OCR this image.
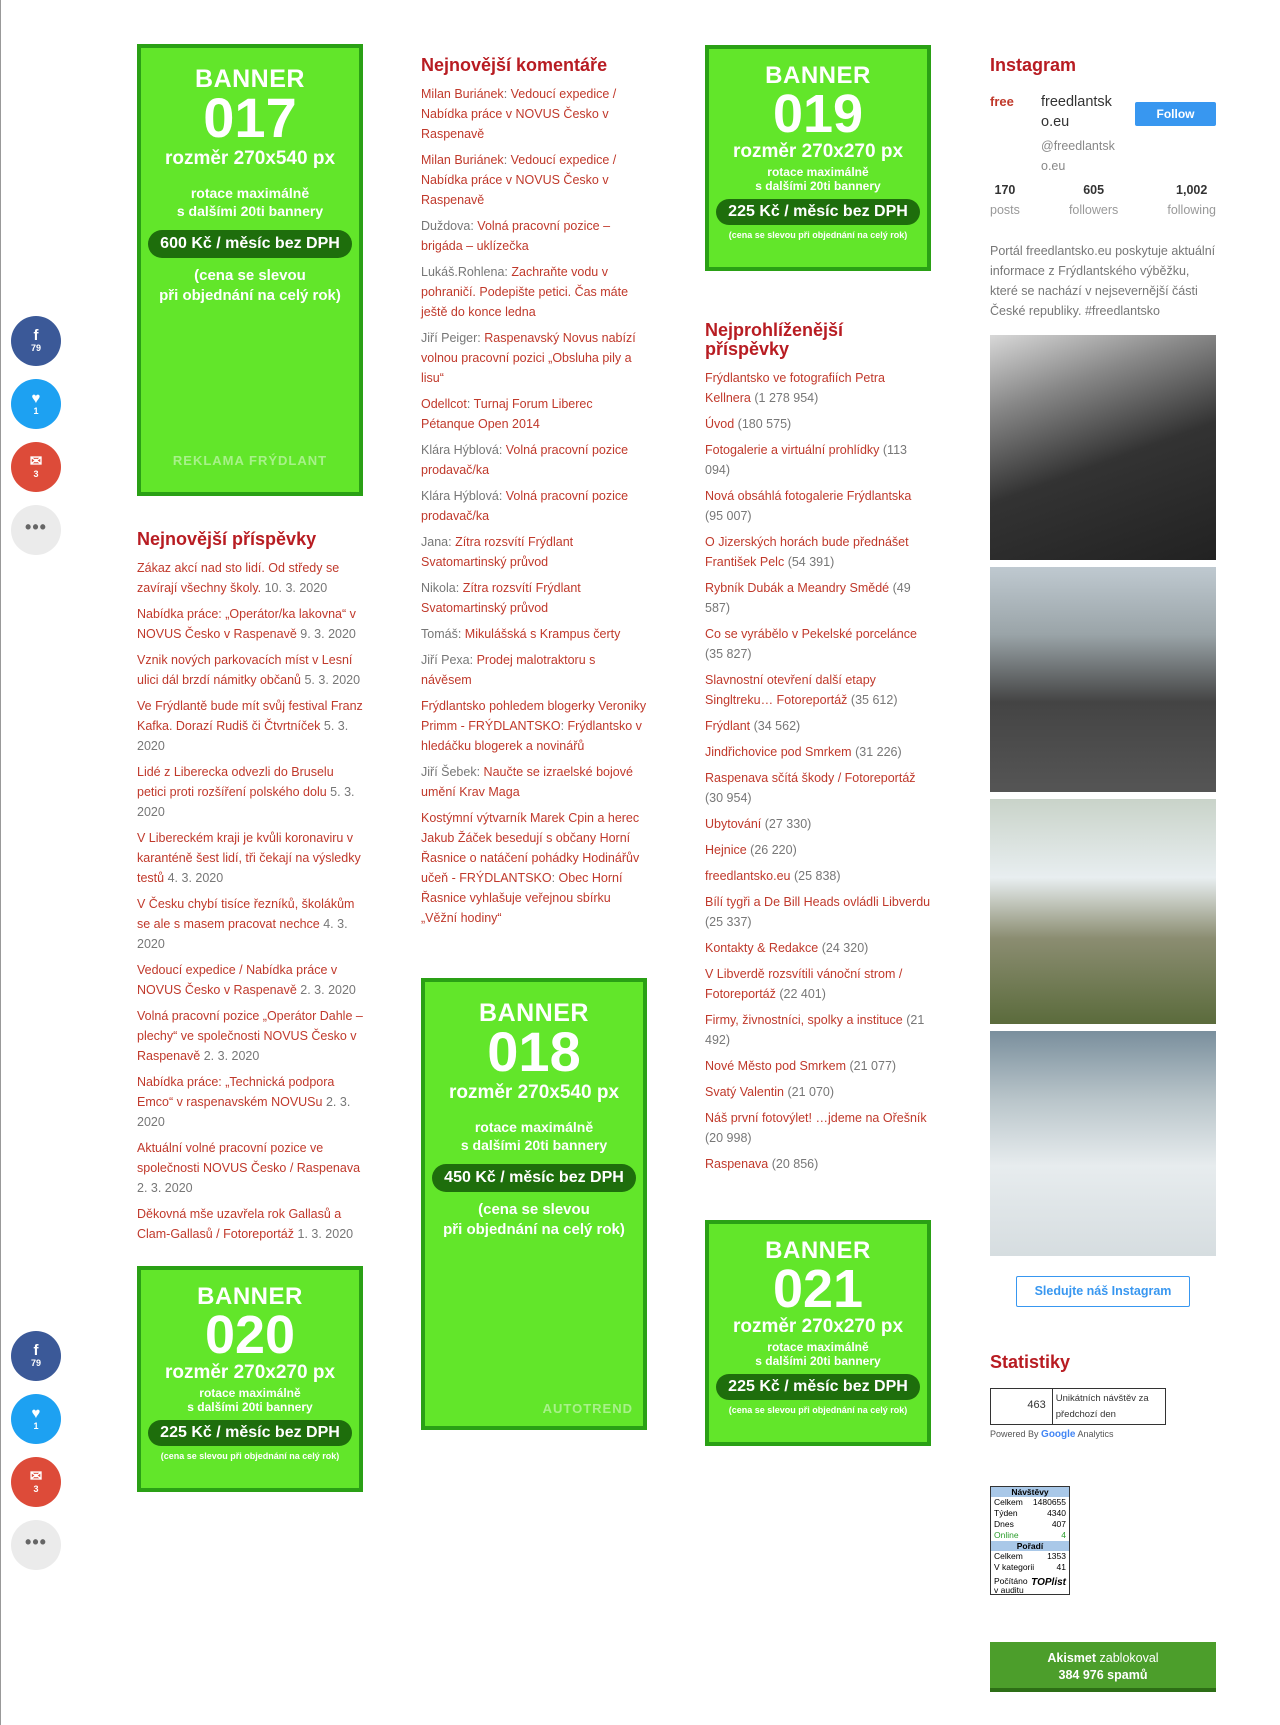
f
79
♥
1
✉
3
•••
f
79
♥
1
✉
3
•••
BANNER
017
rozměr 270x540 px
rotace maximálně
s dalšími 20ti bannery
600 Kč / měsíc bez DPH
(cena se slevou
při objednání na celý rok)
REKLAMA FRÝDLANT
Nejnovější příspěvky
Zákaz akcí nad sto lidí. Od středy se zavírají všechny školy. 10. 3. 2020
Nabídka práce: „Operátor/ka lakovna“ v NOVUS Česko v Raspenavě 9. 3. 2020
Vznik nových parkovacích míst v Lesní ulici dál brzdí námitky občanů 5. 3. 2020
Ve Frýdlantě bude mít svůj festival Franz Kafka. Dorazí Rudiš či Čtvrtníček 5. 3. 2020
Lidé z Liberecka odvezli do Bruselu petici proti rozšíření polského dolu 5. 3. 2020
V Libereckém kraji je kvůli koronaviru v karanténě šest lidí, tři čekají na výsledky testů 4. 3. 2020
V Česku chybí tisíce řezníků, školákům se ale s masem pracovat nechce 4. 3. 2020
Vedoucí expedice / Nabídka práce v NOVUS Česko v Raspenavě 2. 3. 2020
Volná pracovní pozice „Operátor Dahle – plechy“ ve společnosti NOVUS Česko v Raspenavě 2. 3. 2020
Nabídka práce: „Technická podpora Emco“ v raspenavském NOVUSu 2. 3. 2020
Aktuální volné pracovní pozice ve společnosti NOVUS Česko / Raspenava 2. 3. 2020
Děkovná mše uzavřela rok Gallasů a Clam-Gallasů / Fotoreportáž 1. 3. 2020
BANNER
020
rozměr 270x270 px
rotace maximálně
s dalšími 20ti bannery
225 Kč / měsíc bez DPH
(cena se slevou při objednání na celý rok)
Nejnovější komentáře
Milan Buriánek: Vedoucí expedice / Nabídka práce v NOVUS Česko v Raspenavě
Milan Buriánek: Vedoucí expedice / Nabídka práce v NOVUS Česko v Raspenavě
Duždova: Volná pracovní pozice – brigáda – uklízečka
Lukáš.Rohlena: Zachraňte vodu v pohraničí. Podepište petici. Čas máte ještě do konce ledna
Jiří Peiger: Raspenavský Novus nabízí volnou pracovní pozici „Obsluha pily a lisu“
Odellcot: Turnaj Forum Liberec Pétanque Open 2014
Klára Hýblová: Volná pracovní pozice prodavač/ka
Klára Hýblová: Volná pracovní pozice prodavač/ka
Jana: Zítra rozsvítí Frýdlant Svatomartinský průvod
Nikola: Zítra rozsvítí Frýdlant Svatomartinský průvod
Tomáš: Mikulášská s Krampus čerty
Jiří Pexa: Prodej malotraktoru s návěsem
Frýdlantsko pohledem blogerky Veroniky Primm - FRÝDLANTSKO: Frýdlantsko v hledáčku blogerek a novinářů
Jiří Šebek: Naučte se izraelské bojové umění Krav Maga
Kostýmní výtvarník Marek Cpin a herec Jakub Žáček besedují s občany Horní Řasnice o natáčení pohádky Hodinářův učeň - FRÝDLANTSKO: Obec Horní Řasnice vyhlašuje veřejnou sbírku „Věžní hodiny“
BANNER
018
rozměr 270x540 px
rotace maximálně
s dalšími 20ti bannery
450 Kč / měsíc bez DPH
(cena se slevou
při objednání na celý rok)
AUTOTREND
BANNER
019
rozměr 270x270 px
rotace maximálně
s dalšími 20ti bannery
225 Kč / měsíc bez DPH
(cena se slevou při objednání na celý rok)
Nejprohlíženější příspěvky
Frýdlantsko ve fotografiích Petra Kellnera (1 278 954)
Úvod (180 575)
Fotogalerie a virtuální prohlídky (113 094)
Nová obsáhlá fotogalerie Frýdlantska (95 007)
O Jizerských horách bude přednášet František Pelc (54 391)
Rybník Dubák a Meandry Smědé (49 587)
Co se vyrábělo v Pekelské porcelánce (35 827)
Slavnostní otevření další etapy Singltreku… Fotoreportáž (35 612)
Frýdlant (34 562)
Jindřichovice pod Smrkem (31 226)
Raspenava sčítá škody / Fotoreportáž (30 954)
Ubytování (27 330)
Hejnice (26 220)
freedlantsko.eu (25 838)
Bílí tygři a De Bill Heads ovládli Libverdu (25 337)
Kontakty & Redakce (24 320)
V Libverdě rozsvítili vánoční strom / Fotoreportáž (22 401)
Firmy, živnostníci, spolky a instituce (21 492)
Nové Město pod Smrkem (21 077)
Svatý Valentin (21 070)
Náš první fotovýlet! …jdeme na Ořešník (20 998)
Raspenava (20 856)
BANNER
021
rozměr 270x270 px
rotace maximálně
s dalšími 20ti bannery
225 Kč / měsíc bez DPH
(cena se slevou při objednání na celý rok)
Instagram
free	freedlantsko.eu
@freedlantsko.eu
Follow
170
posts
605
followers
1,002
following
Portál freedlantsko.eu poskytuje aktuální informace z Frýdlantského výběžku, které se nachází v nejsevernější části České republiky. #freedlantsko
Sledujte náš Instagram
Statistiky
463
Unikátních návštěv za předchozí den
Powered By Google Analytics
Návštěvy
Celkem 1480655
Týden	4340
Dnes	407
Online	4
Pořadí
Celkem	1353
V kategorii	41
Počítáno
v auditu
TOPlist
Akismet zablokoval
384 976 spamů
